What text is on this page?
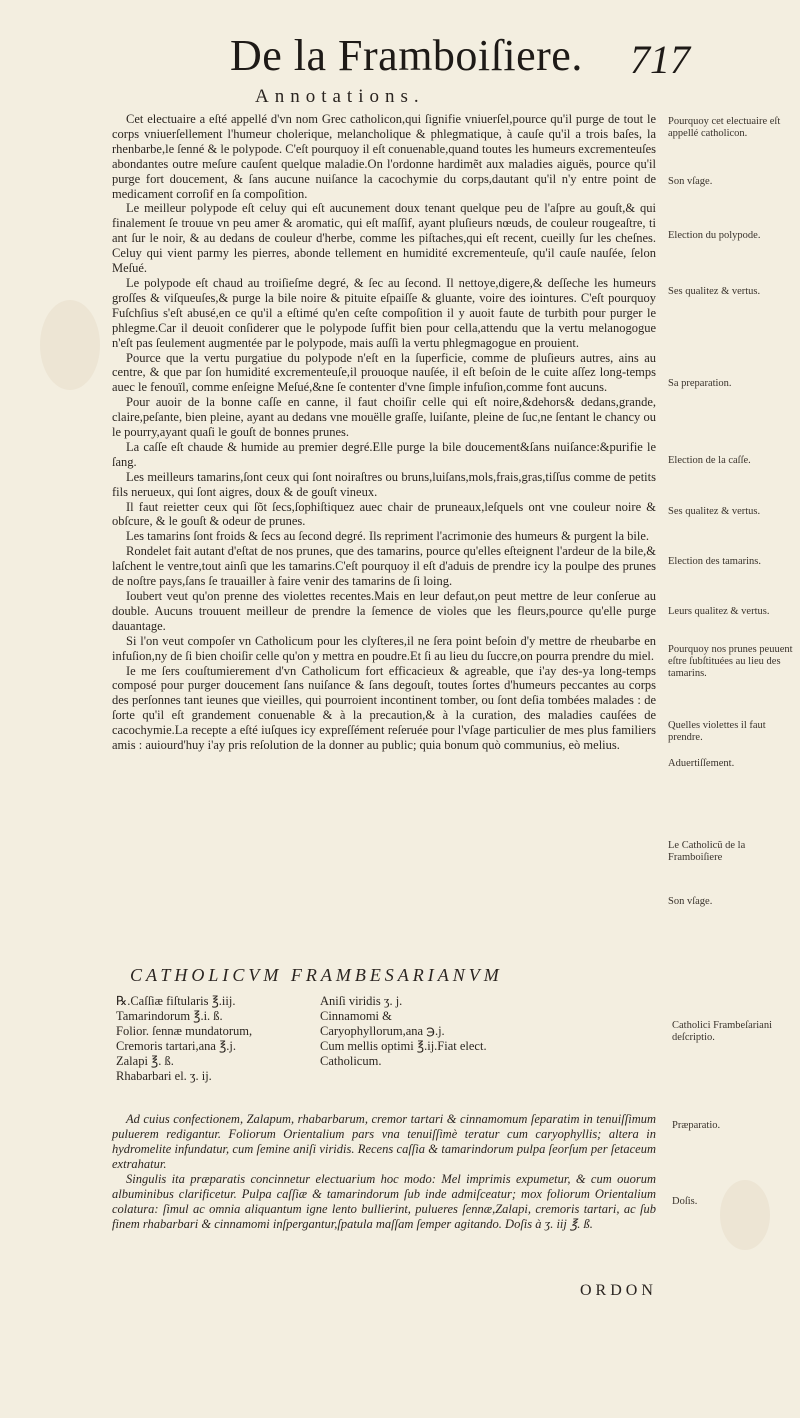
De la Framboiſiere. 717
Annotations.

Cet electuaire a eſté appellé d'vn nom Grec catholicon,qui ſignifie vniuerſel,pource qu'il purge de tout le corps vniuerſellement l'humeur cholerique, melancholique & phlegmatique, à cauſe qu'il a trois baſes, la rhenbarbe,le ſenné & le polypode. C'eſt pourquoy il eſt conuenable,quand toutes les humeurs excrementeuſes abondantes outre meſure cauſent quelque maladie.On l'ordonne hardimẽt aux maladies aiguës, pource qu'il purge fort doucement, & ſans aucune nuiſance la cacochymie du corps,dautant qu'il n'y entre point de medicament corroſif en ſa compoſition.

Le meilleur polypode eſt celuy qui eſt aucunement doux tenant quelque peu de l'aſpre au gouſt,& qui finalement ſe trouue vn peu amer & aromatic, qui eſt maſſif, ayant pluſieurs nœuds, de couleur rougeaſtre, ti ant ſur le noir, & au dedans de couleur d'herbe, comme les piſtaches,qui eſt recent, cueilly ſur les cheſnes. Celuy qui vient parmy les pierres, abonde tellement en humidité excrementeuſe, qu'il cauſe nauſée, ſelon Meſué.

Le polypode eſt chaud au troiſieſme degré, & ſec au ſecond. Il nettoye,digere,& deſſeche les humeurs groſſes & viſqueuſes,& purge la bile noire & pituite eſpaiſſe & gluante, voire des iointures. C'eſt pourquoy Fuſchſius s'eſt abusé,en ce qu'il a eſtimé qu'en ceſte compoſition il y auoit faute de turbith pour purger le phlegme.Car il deuoit conſiderer que le polypode ſuffit bien pour cella,attendu que la vertu melanogogue n'eſt pas ſeulement augmentée par le polypode, mais auſſi la vertu phlegmagogue en prouient.

Pource que la vertu purgatiue du polypode n'eſt en la ſuperficie, comme de pluſieurs autres, ains au centre, & que par ſon humidité excrementeuſe,il prouoque nauſée, il eſt beſoin de le cuite aſſez long-temps auec le fenouïl, comme enſeigne Meſué,&ne ſe contenter d'vne ſimple infuſion,comme font aucuns.

Pour auoir de la bonne caſſe en canne, il faut choiſir celle qui eſt noire,&dehors& dedans,grande, claire,peſante, bien pleine, ayant au dedans vne mouëlle graſſe, luiſante, pleine de ſuc,ne ſentant le chancy ou le pourry,ayant quaſi le gouſt de bonnes prunes.

La caſſe eſt chaude & humide au premier degré.Elle purge la bile doucement&ſans nuiſance:&purifie le ſang.

Les meilleurs tamarins,ſont ceux qui ſont noiraſtres ou bruns,luiſans,mols,frais,gras,tiſſus comme de petits fils nerueux, qui ſont aigres, doux & de gouſt vineux.

Il faut reietter ceux qui ſõt ſecs,ſophiſtiquez auec chair de pruneaux,leſquels ont vne couleur noire & obſcure, & le gouſt & odeur de prunes.

Les tamarins ſont froids & ſecs au ſecond degré. Ils repriment l'acrimonie des humeurs & purgent la bile.

Rondelet fait autant d'eſtat de nos prunes, que des tamarins, pource qu'elles eſteignent l'ardeur de la bile,& laſchent le ventre,tout ainſi que les tamarins.C'eſt pourquoy il eſt d'aduis de prendre icy la poulpe des prunes de noſtre pays,ſans ſe trauailler à faire venir des tamarins de ſi loing.

Ioubert veut qu'on prenne des violettes recentes.Mais en leur defaut,on peut mettre de leur conſerue au double. Aucuns trouuent meilleur de prendre la ſemence de violes que les fleurs,pource qu'elle purge dauantage.

Si l'on veut compoſer vn Catholicum pour les clyſteres,il ne ſera point beſoin d'y mettre de rheubarbe en infuſion,ny de ſi bien choiſir celle qu'on y mettra en poudre.Et ſi au lieu du ſuccre,on pourra prendre du miel.

Ie me ſers couſtumierement d'vn Catholicum fort efficacieux & agreable, que i'ay des-ya long-temps composé pour purger doucement ſans nuiſance & ſans degouſt, toutes ſortes d'humeurs peccantes au corps des perſonnes tant ieunes que vieilles, qui pourroient incontinent tomber, ou ſont deſia tombées malades : de ſorte qu'il eſt grandement conuenable & à la precaution,& à la curation, des maladies cauſées de cacochymie.La recepte a eſté iuſques icy expreſſément reſeruée pour l'vſage particulier de mes plus familiers amis : auiourd'huy i'ay pris reſolution de la donner au public; quia bonum quò communius, eò melius.

Pourquoy cet electuaire eſt appellé catholicon.
Son vſage.
Election du polypode.
Ses qualitez & vertus.
Sa preparation.
Election de la caſſe.
Ses qualitez & vertus.
Election des tamarins.
Leurs qualitez & vertus.
Pourquoy nos prunes peuuent eſtre ſubſtituées au lieu des tamarins.
Quelles violettes il faut prendre.
Aduertiſſement.
Le Catholicũ de la Framboiſiere
Son vſage.
CATHOLICVM FRAMBESARIANVM
℞.Caſſiæ fiſtularis ℥.iij.
Tamarindorum ℥.i. ß.
Folior. ſennæ mundatorum,
Cremoris tartari,ana ℥.j.
Zalapi ℥. ß.
Rhabarbari el. ʒ. ij.
Aniſi viridis ʒ. j.
Cinnamomi &
Caryophyllorum,ana ℈.j.
Cum mellis optimi ℥.ij.Fiat elect.
Catholicum.
Catholici Frambeſariani deſcriptio.

Ad cuius confectionem, Zalapum, rhabarbarum, cremor tartari & cinnamomum ſeparatim in tenuiſſimum puluerem redigantur. Foliorum Orientalium pars vna tenuiſſimè teratur cum caryophyllis; altera in hydromelite infundatur, cum ſemine aniſi viridis. Recens caſſia & tamarindorum pulpa ſeorſum per ſetaceum extrahatur.

Singulis ita præparatis concinnetur electuarium hoc modo: Mel imprimis expumetur, & cum ouorum albuminibus clarificetur. Pulpa caſſiæ & tamarindorum ſub inde admiſceatur; mox foliorum Orientalium colatura: ſimul ac omnia aliquantum igne lento bullierint, pulueres ſennæ,Zalapi, cremoris tartari, ac ſub finem rhabarbari & cinnamomi inſpergantur,ſpatula maſſam ſemper agitando. Doſis à ʒ. iij ℥. ß.

Præparatio.
Doſis.
ORDON
